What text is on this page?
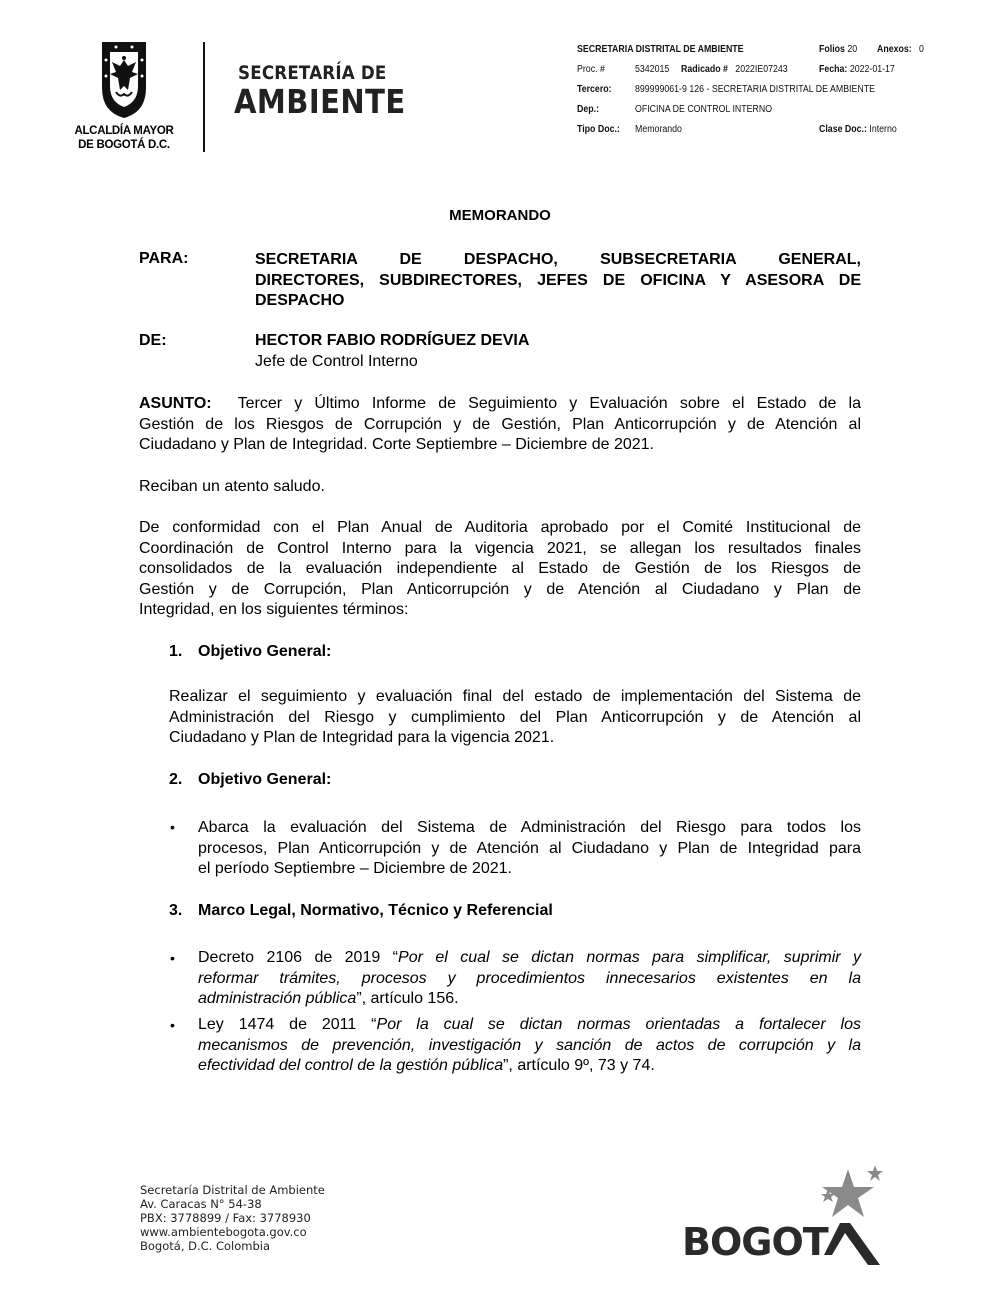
ALCALDÍA MAYOR
DE BOGOTÁ D.C.
SECRETARÍA DE
AMBIENTE
SECRETARIA DISTRITAL DE AMBIENTE	Folios 20 Anexos: 0
Proc. #	5342015 Radicado # 2022IE07243	Fecha: 2022-01-17
Tercero: 899999061-9 126 - SECRETARIA DISTRITAL DE AMBIENTE
Dep.:	OFICINA DE CONTROL INTERNO
Tipo Doc.: Memorando	Clase Doc.: Interno
MEMORANDO
PARA:	SECRETARIA DE DESPACHO, SUBSECRETARIA GENERAL,
DIRECTORES, SUBDIRECTORES, JEFES DE OFICINA Y ASESORA DE
DESPACHO
DE:	HECTOR FABIO RODRÍGUEZ DEVIA
Jefe de Control Interno
ASUNTO: Tercer y Último Informe de Seguimiento y Evaluación sobre el Estado de la
Gestión de los Riesgos de Corrupción y de Gestión, Plan Anticorrupción y de Atención al
Ciudadano y Plan de Integridad. Corte Septiembre – Diciembre de 2021.
Reciban un atento saludo.
De conformidad con el Plan Anual de Auditoria aprobado por el Comité Institucional de
Coordinación de Control Interno para la vigencia 2021, se allegan los resultados finales
consolidados de la evaluación independiente al Estado de Gestión de los Riesgos de
Gestión y de Corrupción, Plan Anticorrupción y de Atención al Ciudadano y Plan de
Integridad, en los siguientes términos:
1. Objetivo General:
Realizar el seguimiento y evaluación final del estado de implementación del Sistema de
Administración del Riesgo y cumplimiento del Plan Anticorrupción y de Atención al
Ciudadano y Plan de Integridad para la vigencia 2021.
2. Objetivo General:
• Abarca la evaluación del Sistema de Administración del Riesgo para todos los
procesos, Plan Anticorrupción y de Atención al Ciudadano y Plan de Integridad para
el período Septiembre – Diciembre de 2021.
3. Marco Legal, Normativo, Técnico y Referencial
• Decreto 2106 de 2019 “Por el cual se dictan normas para simplificar, suprimir y
reformar trámites, procesos y procedimientos innecesarios existentes en la
administración pública”, artículo 156.
• Ley 1474 de 2011 “Por la cual se dictan normas orientadas a fortalecer los
mecanismos de prevención, investigación y sanción de actos de corrupción y la
efectividad del control de la gestión pública”, artículo 9º, 73 y 74.
Secretaría Distrital de Ambiente
Av. Caracas N° 54-38
PBX: 3778899 / Fax: 3778930
www.ambientebogota.gov.co
Bogotá, D.C. Colombia	BOGOT
